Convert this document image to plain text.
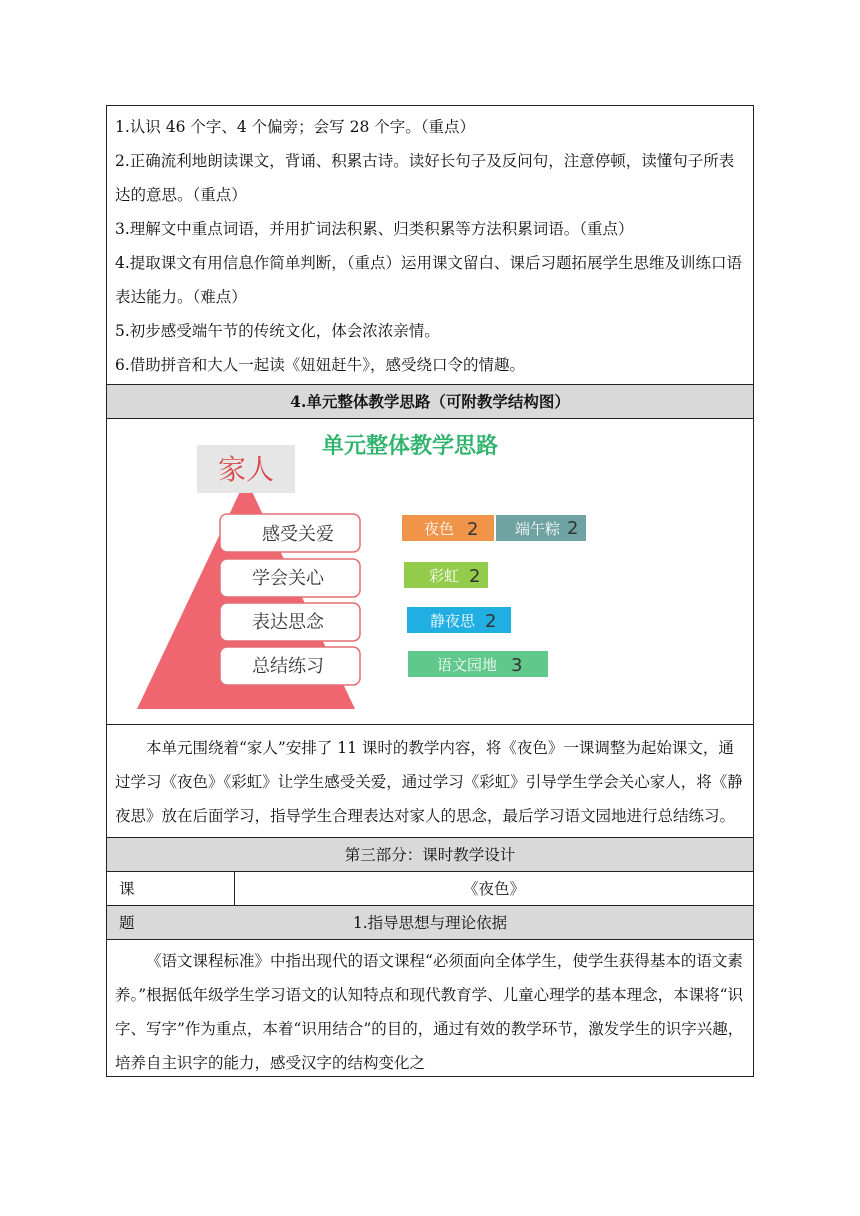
1.认识 46 个字、4 个偏旁；会写 28 个字。（重点）

2.正确流利地朗读课文，背诵、积累古诗。读好长句子及反问句，注意停顿，读懂句子所表达的意思。（重点）

3.理解文中重点词语，并用扩词法积累、归类积累等方法积累词语。（重点）

4.提取课文有用信息作简单判断，（重点）运用课文留白、课后习题拓展学生思维及训练口语表达能力。（难点）

5.初步感受端午节的传统文化，体会浓浓亲情。

6.借助拼音和大人一起读《妞妞赶牛》，感受绕口令的情趣。

4.单元整体教学思路（可附教学结构图）
单元整体教学思路
家人
感受关爱
学会关心
表达思念
总结练习
夜色 2 端午粽 2
彩虹 2
静夜思 2
语文园地 3

本单元围绕着“家人”安排了 11 课时的教学内容，将《夜色》一课调整为起始课文，通过学习《夜色》《彩虹》让学生感受关爱，通过学习《彩虹》引导学生学会关心家人，将《静夜思》放在后面学习，指导学生合理表达对家人的思念，最后学习语文园地进行总结练习。

第三部分：课时教学设计
课 题
《夜色》
1.指导思想与理论依据

《语文课程标准》中指出现代的语文课程“必须面向全体学生，使学生获得基本的语文素养。”根据低年级学生学习语文的认知特点和现代教育学、儿童心理学的基本理念，本课将“识字、写字”作为重点，本着“识用结合”的目的，通过有效的教学环节，激发学生的识字兴趣，培养自主识字的能力，感受汉字的结构变化之
